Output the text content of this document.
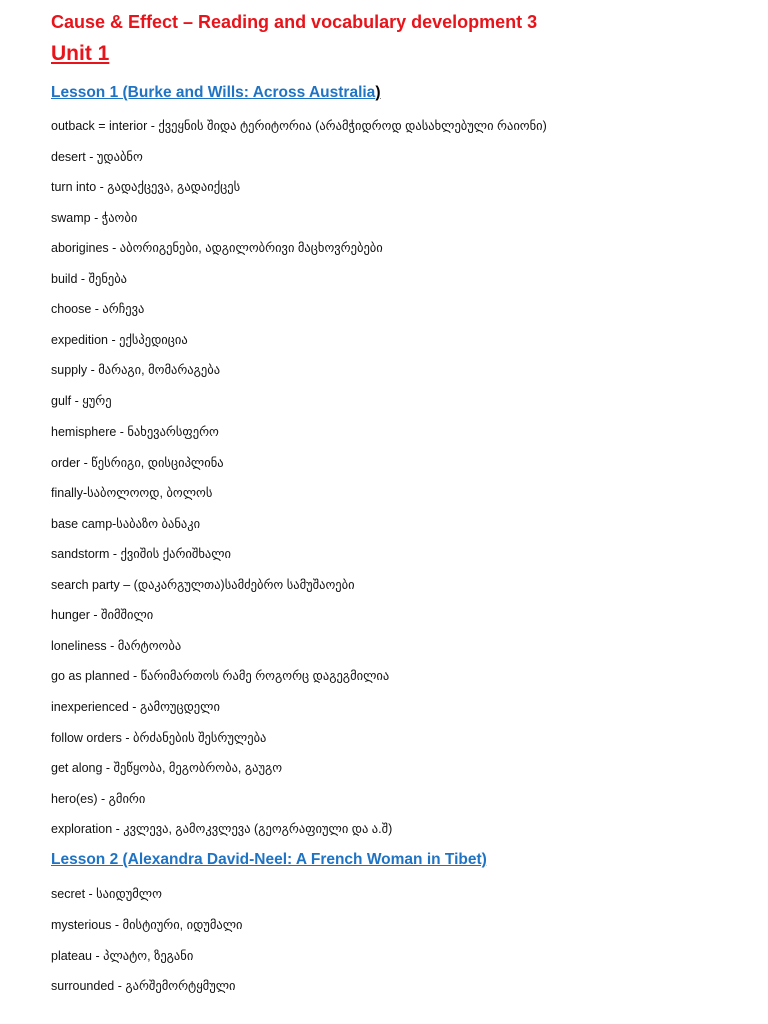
Cause & Effect – Reading and vocabulary development 3
Unit 1
Lesson 1 (Burke and Wills: Across Australia)
outback = interior - ქვეყნის შიდა ტერიტორია (არამჭიდროდ დასახლებული რაიონი)
desert - უდაბნო
turn into - გადაქცევა, გადაიქცეს
swamp - ჭაობი
aborigines - აბორიგენები, ადგილობრივი მაცხოვრებები
build - შენება
choose - არჩევა
expedition - ექსპედიცია
supply - მარაგი, მომარაგება
gulf - ყურე
hemisphere - ნახევარსფერო
order - წესრიგი, დისციპლინა
finally-საბოლოოდ, ბოლოს
base camp-საბაზო ბანაკი
sandstorm - ქვიშის ქარიშხალი
search party – (დაკარგულთა)სამძებრო სამუშაოები
hunger - შიმშილი
loneliness - მარტოობა
go as planned - წარიმართოს რამე როგორც დაგეგმილია
inexperienced - გამოუცდელი
follow orders - ბრძანების შესრულება
get along - შეწყობა, მეგობრობა, გაუგო
hero(es) - გმირი
exploration - კვლევა, გამოკვლევა (გეოგრაფიული და ა.შ)
Lesson 2 (Alexandra David-Neel: A French Woman in Tibet)
secret - საიდუმლო
mysterious - მისტიური, იდუმალი
plateau - პლატო, ზეგანი
surrounded - გარშემორტყმული
